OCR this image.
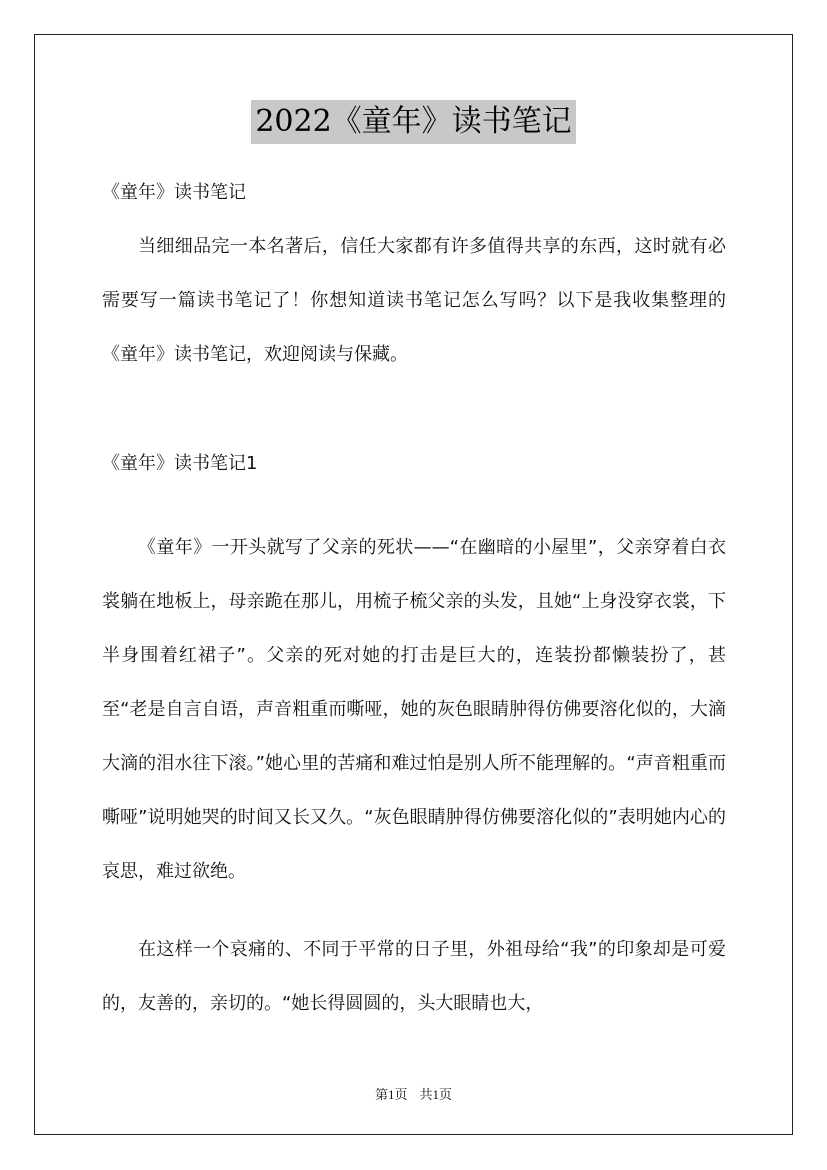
2022《童年》读书笔记

《童年》读书笔记

当细细品完一本名著后，信任大家都有许多值得共享的东西，这时就有必需要写一篇读书笔记了！你想知道读书笔记怎么写吗？以下是我收集整理的《童年》读书笔记，欢迎阅读与保藏。

《童年》读书笔记1

《童年》一开头就写了父亲的死状——“在幽暗的小屋里”，父亲穿着白衣裳躺在地板上，母亲跪在那儿，用梳子梳父亲的头发，且她“上身没穿衣裳，下半身围着红裙子”。父亲的死对她的打击是巨大的，连装扮都懒装扮了，甚至“老是自言自语，声音粗重而嘶哑，她的灰色眼睛肿得仿佛要溶化似的，大滴大滴的泪水往下滚。”她心里的苦痛和难过怕是别人所不能理解的。“声音粗重而嘶哑”说明她哭的时间又长又久。“灰色眼睛肿得仿佛要溶化似的”表明她内心的哀思，难过欲绝。

在这样一个哀痛的、不同于平常的日子里，外祖母给“我”的印象却是可爱的，友善的，亲切的。“她长得圆圆的，头大眼睛也大，

第1页 共1页
